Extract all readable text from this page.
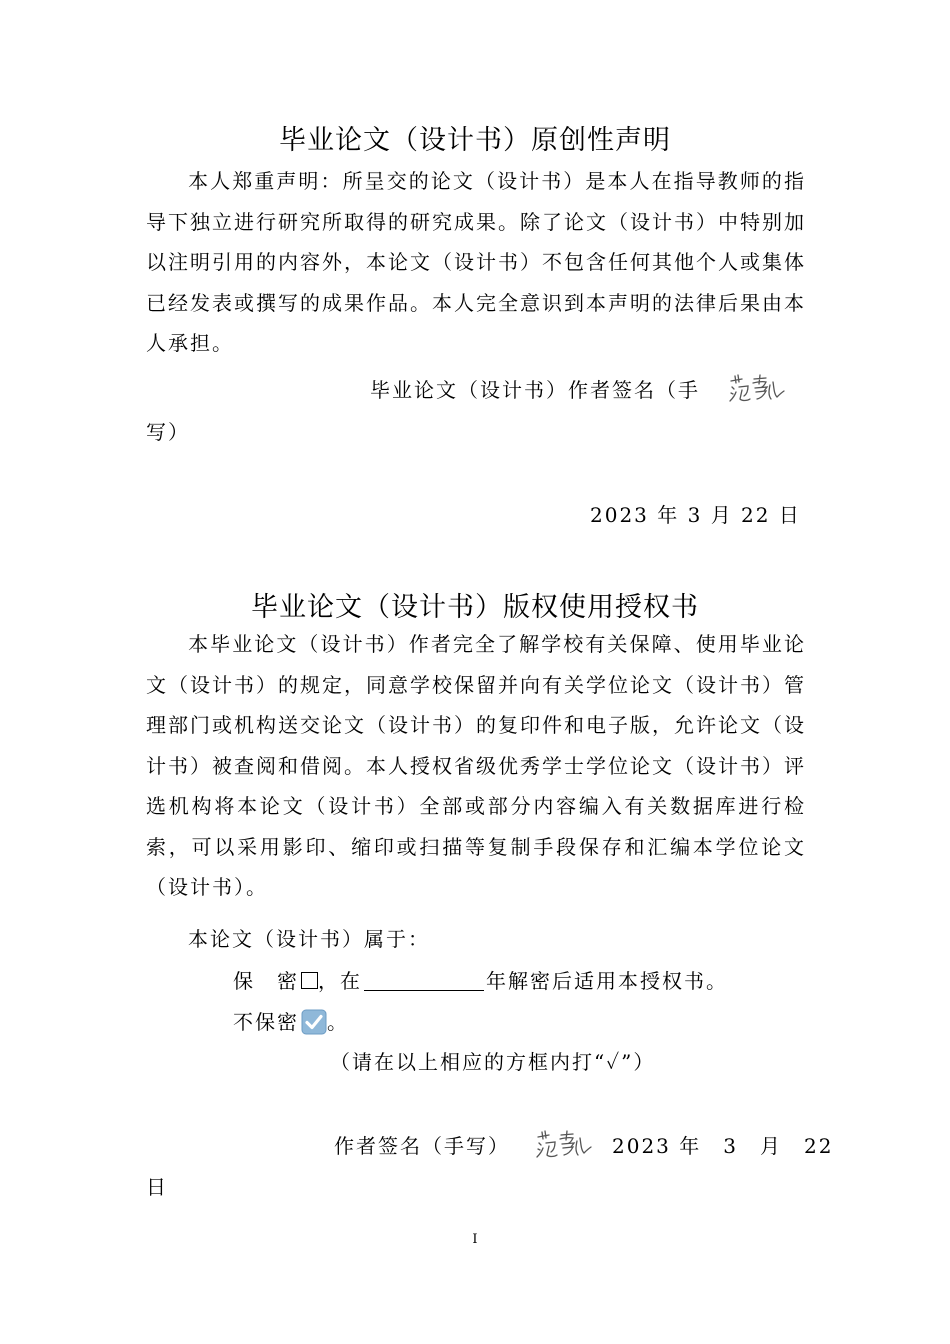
毕业论文（设计书）原创性声明
本人郑重声明：所呈交的论文（设计书）是本人在指导教师的指导下独立进行研究所取得的研究成果。除了论文（设计书）中特别加以注明引用的内容外，本论文（设计书）不包含任何其他个人或集体已经发表或撰写的成果作品。本人完全意识到本声明的法律后果由本人承担。
毕业论文（设计书）作者签名（手
写）
2023 年 3 月 22 日
毕业论文（设计书）版权使用授权书
本毕业论文（设计书）作者完全了解学校有关保障、使用毕业论文（设计书）的规定，同意学校保留并向有关学位论文（设计书）管理部门或机构送交论文（设计书）的复印件和电子版，允许论文（设计书）被查阅和借阅。本人授权省级优秀学士学位论文（设计书）评选机构将本论文（设计书）全部或部分内容编入有关数据库进行检索，可以采用影印、缩印或扫描等复制手段保存和汇编本学位论文（设计书）。
本论文（设计书）属于：
保　密 ，在	年解密后适用本授权书。
不保密 。
（请在以上相应的方框内打“✓”）
作者签名（手写）	2023 年　3　月　22
日
I
